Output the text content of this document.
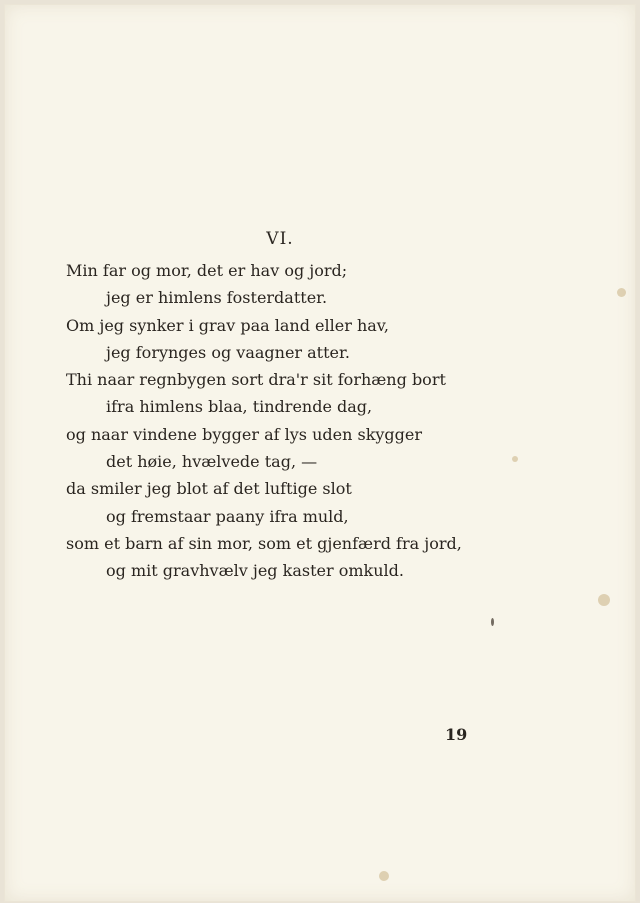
VI.
Min far og mor, det er hav og jord;
jeg er himlens fosterdatter.
Om jeg synker i grav paa land eller hav,
jeg forynges og vaagner atter.
Thi naar regnbygen sort dra'r sit forhæng bort
ifra himlens blaa, tindrende dag,
og naar vindene bygger af lys uden skygger
det høie, hvælvede tag, —
da smiler jeg blot af det luftige slot
og fremstaar paany ifra muld,
som et barn af sin mor, som et gjenfærd fra jord,
og mit gravhvælv jeg kaster omkuld.
19
